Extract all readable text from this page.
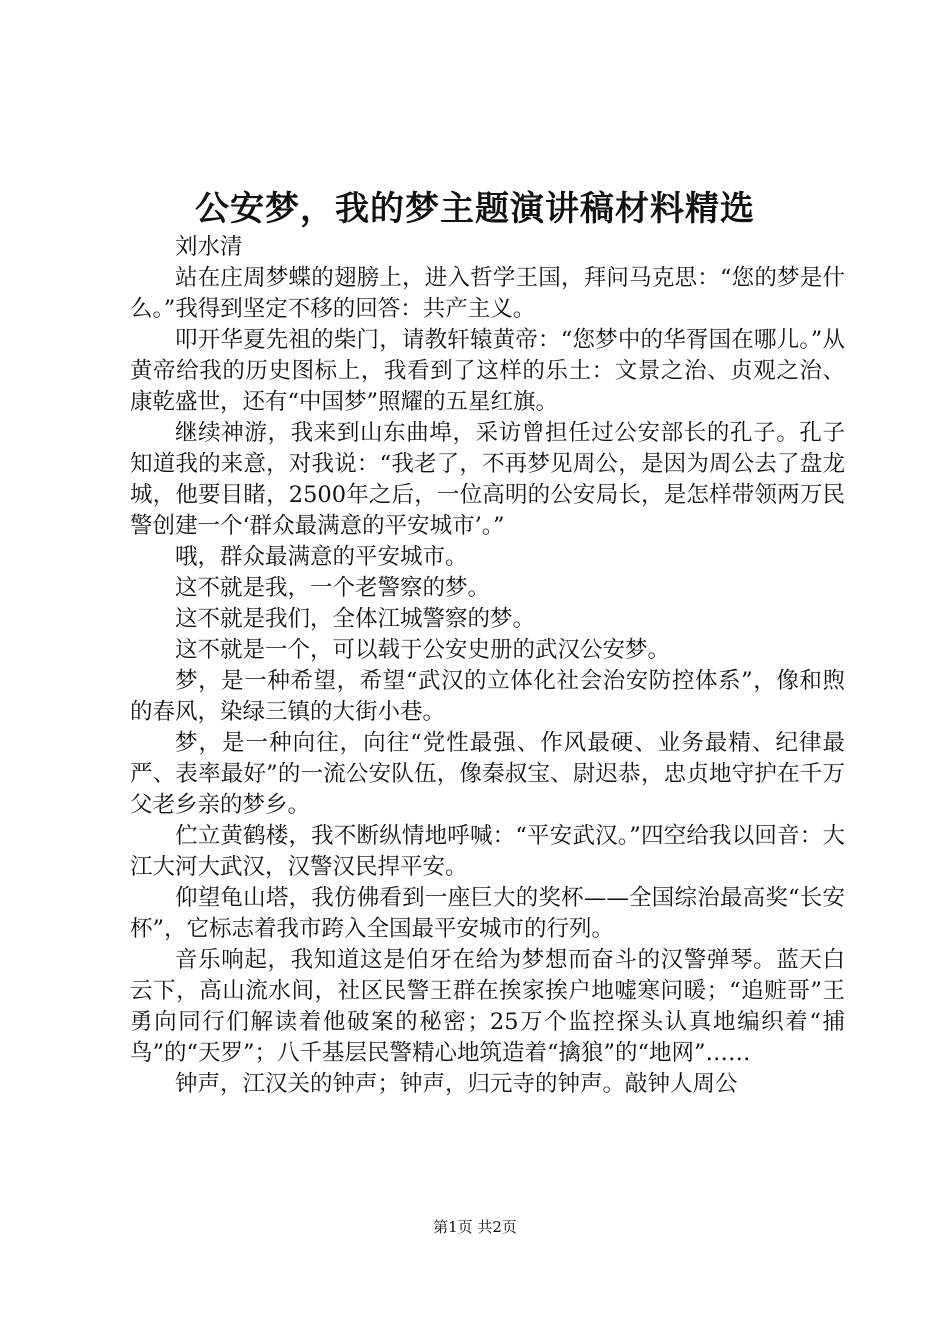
公安梦，我的梦主题演讲稿材料精选

刘水清

站在庄周梦蝶的翅膀上，进入哲学王国，拜问马克思：“您的梦是什么。”我得到坚定不移的回答：共产主义。

叩开华夏先祖的柴门，请教轩辕黄帝：“您梦中的华胥国在哪儿。”从黄帝给我的历史图标上，我看到了这样的乐土：文景之治、贞观之治、康乾盛世，还有“中国梦”照耀的五星红旗。

继续神游，我来到山东曲埠，采访曾担任过公安部长的孔子。孔子知道我的来意，对我说：“我老了，不再梦见周公，是因为周公去了盘龙城，他要目睹，2500年之后，一位高明的公安局长，是怎样带领两万民警创建一个‘群众最满意的平安城市’。”

哦，群众最满意的平安城市。

这不就是我，一个老警察的梦。

这不就是我们，全体江城警察的梦。

这不就是一个，可以载于公安史册的武汉公安梦。

梦，是一种希望，希望“武汉的立体化社会治安防控体系”，像和煦的春风，染绿三镇的大街小巷。

梦，是一种向往，向往“党性最强、作风最硬、业务最精、纪律最严、表率最好”的一流公安队伍，像秦叔宝、尉迟恭，忠贞地守护在千万父老乡亲的梦乡。

伫立黄鹤楼，我不断纵情地呼喊：“平安武汉。”四空给我以回音：大江大河大武汉，汉警汉民捍平安。

仰望龟山塔，我仿佛看到一座巨大的奖杯——全国综治最高奖“长安杯”，它标志着我市跨入全国最平安城市的行列。

音乐响起，我知道这是伯牙在给为梦想而奋斗的汉警弹琴。蓝天白云下，高山流水间，社区民警王群在挨家挨户地嘘寒问暖；“追赃哥”王勇向同行们解读着他破案的秘密；25万个监控探头认真地编织着“捕鸟”的“天罗”；八千基层民警精心地筑造着“擒狼”的“地网”……

钟声，江汉关的钟声；钟声，归元寺的钟声。敲钟人周公

第1页 共2页
